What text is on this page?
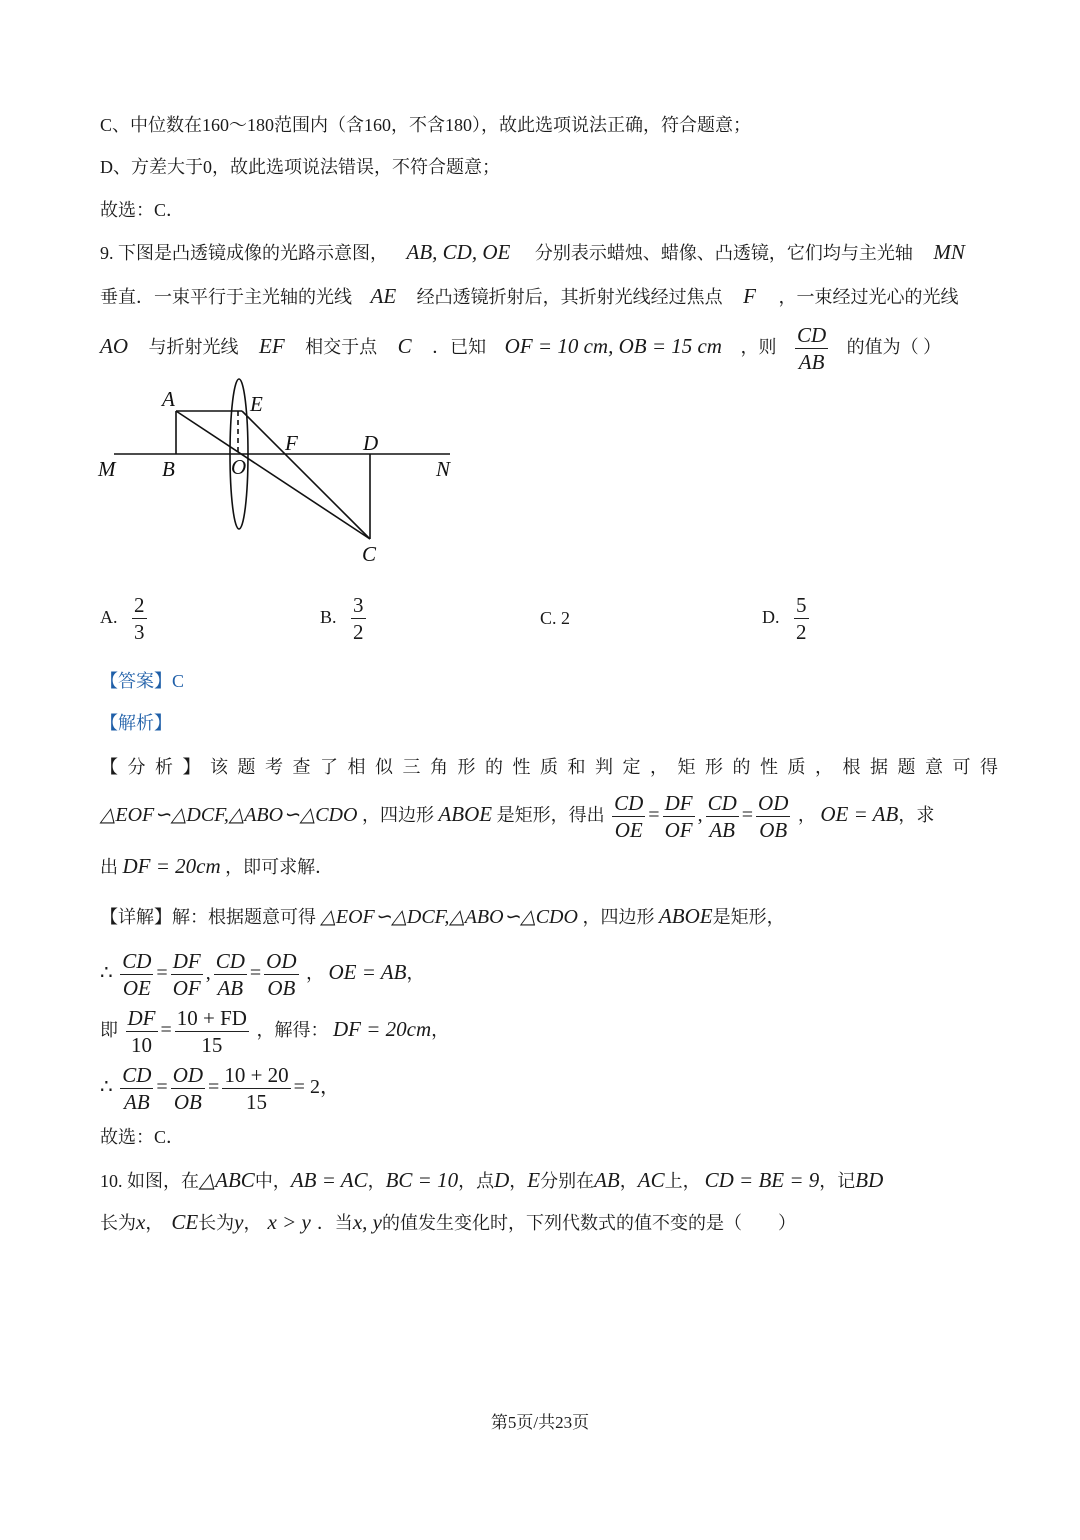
C、中位数在160～180范围内（含160，不含180），故此选项说法正确，符合题意；
D、方差大于0，故此选项说法错误，不符合题意；
故选：C．
9. 下图是凸透镜成像的光路示意图， AB, CD, OE 分别表示蜡烛、蜡像、凸透镜，它们均与主光轴 MN
垂直．一束平行于主光轴的光线 AE 经凸透镜折射后，其折射光线经过焦点 F ，一束经过光心的光线
AO 与折射光线 EF 相交于点 C ．已知 OF = 10 cm, OB = 15 cm ，则 $\frac{CD}{AB}$ 的值为（ ）
A	E
F	D
M B	O	N
C
A. $\frac{2}{3}$	B. $\frac{3}{2}$	C. 2	D. $\frac{5}{2}$
【答案】C
【解析】
【分析】该题考查了相似三角形的性质和判定，矩形的性质，根据题意可得
△EOF∽△DCF,△ABO∽△CDO ，四边形 ABOE 是矩形，得出 $\frac{CD}{OE} = \frac{DF}{OF}$ , $\frac{CD}{AB} = \frac{OD}{OB}$ ， OE = AB，求
出 DF = 20cm ，即可求解．
【详解】解：根据题意可得 △EOF∽△DCF,△ABO∽△CDO ，四边形 ABOE是矩形，
∴ $\frac{CD}{OE} = \frac{DF}{OF}$ , $\frac{CD}{AB} = \frac{OD}{OB}$ ， OE = AB，
即 $\frac{DF}{10} = \frac{10 + FD}{15}$ ，解得： DF = 20cm，
∴ $\frac{CD}{AB} = \frac{OD}{OB} = \frac{10 + 20}{15} = 2$，
故选：C．
10. 如图，在△ABC中，AB = AC，BC = 10，点D，E分别在AB，AC上， CD = BE = 9，记BD
长为x， CE长为y， x > y ．当x, y的值发生变化时，下列代数式的值不变的是（　　）
第5页/共23页
